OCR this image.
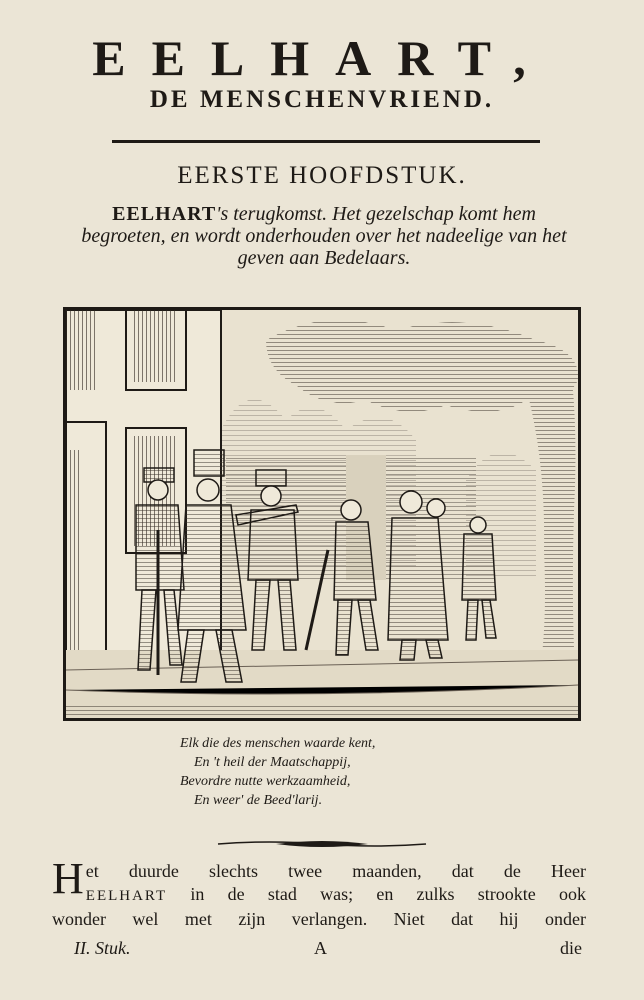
EELHART,
DE MENSCHENVRIEND.
EERSTE HOOFDSTUK.
EELHART's terugkomst. Het gezelschap komt hem begroeten, en wordt onderhouden over het nadeelige van het geven aan Bedelaars.
Elk die des menschen waarde kent,
En 't heil der Maatschappij,
Bevordre nutte werkzaamheid,
En weer' de Beed'larij.

Het duurde slechts twee maanden, dat de Heer

EELHART in de stad was; en zulks strookte ook

wonder wel met zijn verlangen. Niet dat hij onder

II. Stuk.	A	die
